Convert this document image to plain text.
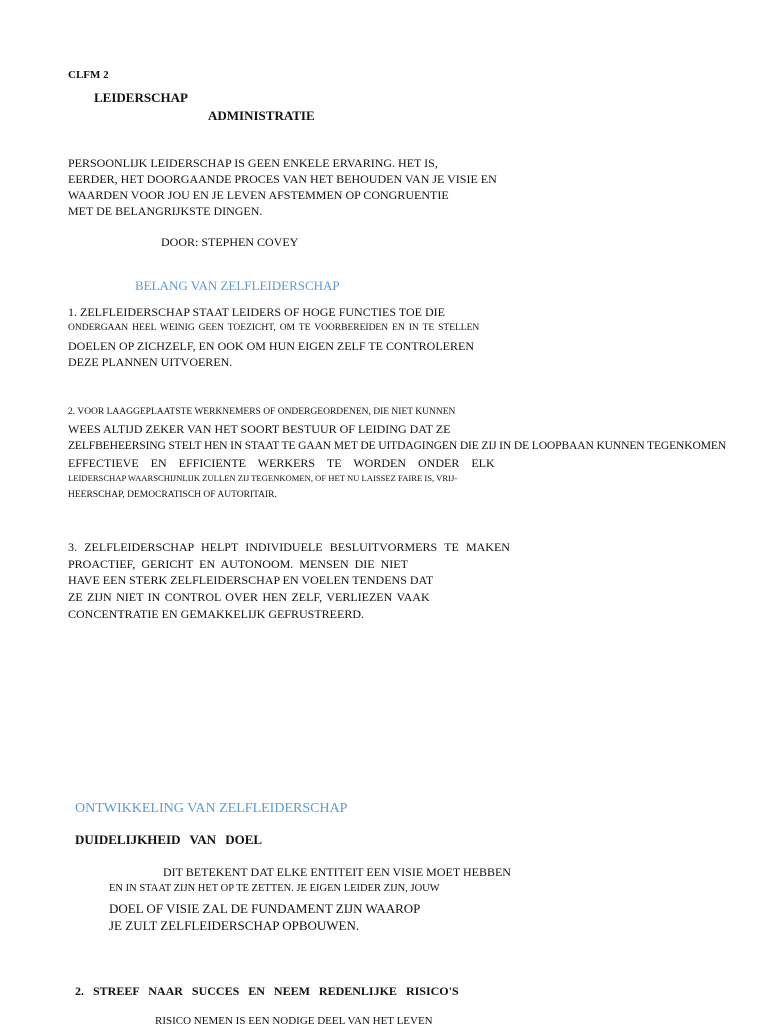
CLFM 2
LEIDERSCHAP
ADMINISTRATIE
PERSOONLIJK LEIDERSCHAP IS GEEN ENKELE ERVARING. HET IS,
EERDER, HET DOORGAANDE PROCES VAN HET BEHOUDEN VAN JE VISIE EN
WAARDEN VOOR JOU EN JE LEVEN AFSTEMMEN OP CONGRUENTIE
MET DE BELANGRIJKSTE DINGEN.
DOOR: STEPHEN COVEY
BELANG VAN ZELFLEIDERSCHAP
1. ZELFLEIDERSCHAP STAAT LEIDERS OF HOGE FUNCTIES TOE DIE
ONDERGAAN HEEL WEINIG GEEN TOEZICHT, OM TE VOORBEREIDEN EN IN TE STELLEN
DOELEN OP ZICHZELF, EN OOK OM HUN EIGEN ZELF TE CONTROLEREN
DEZE PLANNEN UITVOEREN.
2. VOOR LAAGGEPLAATSTE WERKNEMERS OF ONDERGEORDENEN, DIE NIET KUNNEN
WEES ALTIJD ZEKER VAN HET SOORT BESTUUR OF LEIDING DAT ZE
ZELFBEHEERSING STELT HEN IN STAAT TE GAAN MET DE UITDAGINGEN DIE ZIJ IN DE LOOPBAAN KUNNEN TEGENKOMEN
EFFECTIEVE EN EFFICIENTE WERKERS TE WORDEN ONDER ELK
LEIDERSCHAP WAARSCHIJNLIJK ZULLEN ZIJ TEGENKOMEN, OF HET NU LAISSEZ FAIRE IS, VRIJ-
HEERSCHAP, DEMOCRATISCH OF AUTORITAIR.
3. ZELFLEIDERSCHAP HELPT INDIVIDUELE BESLUITVORMERS TE MAKEN
PROACTIEF, GERICHT EN AUTONOOM. MENSEN DIE NIET
HAVE EEN STERK ZELFLEIDERSCHAP EN VOELEN TENDENS DAT
ZE ZIJN NIET IN CONTROL OVER HEN ZELF, VERLIEZEN VAAK
CONCENTRATIE EN GEMAKKELIJK GEFRUSTREERD.
ONTWIKKELING VAN ZELFLEIDERSCHAP
DUIDELIJKHEID VAN DOEL
DIT BETEKENT DAT ELKE ENTITEIT EEN VISIE MOET HEBBEN
EN IN STAAT ZIJN HET OP TE ZETTEN. JE EIGEN LEIDER ZIJN, JOUW
DOEL OF VISIE ZAL DE FUNDAMENT ZIJN WAAROP
JE ZULT ZELFLEIDERSCHAP OPBOUWEN.
2. STREEF NAAR SUCCES EN NEEM REDENLIJKE RISICO'S
RISICO NEMEN IS EEN NODIGE DEEL VAN HET LEVEN
